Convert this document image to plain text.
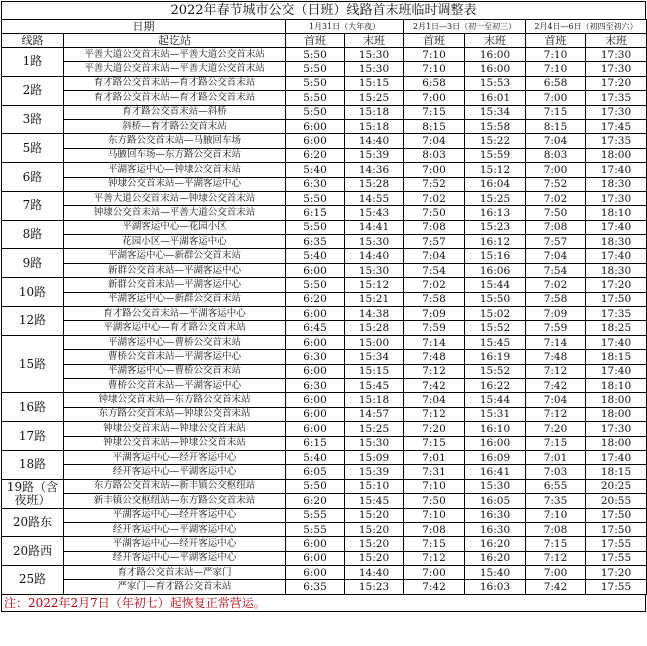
2022年春节城市公交（日班）线路首末班临时调整表
日期		1月31日（大年夜）		2月1日—3日（初一至初三）		2月4日—6日（初四至初六）	
线路	起讫站	首班	末班	首班	末班	首班	末班
1路	平善大道公交首末站—平善大道公交首末站	5:50	15:30	7:10	16:00	7:10	17:30
	平善大道公交首末站—平善大道公交首末站	5:50	15:30	7:10	16:00	7:10	17:30
2路	育才路公交首末站—育才路公交首末站	5:50	15:15	6:58	15:53	6:58	17:20
	育才路公交首末站—育才路公交首末站	5:50	15:25	7:00	16:01	7:00	17:35
3路	育才路公交首末站—斜桥	5:50	15:18	7:15	15:34	7:15	17:30
	斜桥—育才路公交首末站	6:00	15:18	8:15	15:58	8:15	17:45
5路	东方路公交首末站—马腋回车场	6:00	14:40	7:04	15:22	7:04	17:35
	马腋回车场—东方路公交首末站	6:20	15:39	8:03	15:59	8:03	18:00
6路	平湖客运中心—钟埭公交首末站	5:40	14:36	7:00	15:12	7:00	17:40
	钟埭公交首末站—平湖客运中心	6:30	15:28	7:52	16:04	7:52	18:30
7路	平善大道公交首末站—钟埭公交首末站	5:50	14:55	7:02	15:25	7:02	17:30
	钟埭公交首末站—平善大道公交首末站	6:15	15:43	7:50	16:13	7:50	18:10
8路	平湖客运中心—花园小区	5:50	14:41	7:08	15:23	7:08	17:40
	花园小区—平湖客运中心	6:35	15:30	7:57	16:12	7:57	18:30
9路	平湖客运中心—新群公交首末站	5:40	14:40	7:04	15:16	7:04	17:40
	新群公交首末站—平湖客运中心	6:00	15:30	7:54	16:06	7:54	18:30
10路	新群公交首末站—平湖客运中心	5:50	15:12	7:02	15:44	7:02	17:20
	平湖客运中心—新群公交首末站	6:20	15:21	7:58	15:50	7:58	17:50
12路	育才路公交首末站—平湖客运中心	6:00	14:38	7:09	15:02	7:09	17:35
	平湖客运中心—育才路公交首末站	6:45	15:28	7:59	15:52	7:59	18:25
15路	平湖客运中心—曹桥公交首末站	6:00	15:00	7:14	15:45	7:14	17:40
	曹桥公交首末站—平湖客运中心	6:30	15:34	7:48	16:19	7:48	18:15
	平湖客运中心—曹桥公交首末站	6:00	15:15	7:12	15:52	7:12	17:40
	曹桥公交首末站—平湖客运中心	6:30	15:45	7:42	16:22	7:42	18:10
16路	钟埭公交首末站—东方路公交首末站	6:00	15:18	7:04	15:44	7:04	18:00
	东方路公交首末站—钟埭公交首末站	6:00	14:57	7:12	15:31	7:12	18:00
17路	钟埭公交首末站—钟埭公交首末站	6:00	15:25	7:20	16:10	7:20	17:30
	钟埭公交首末站—钟埭公交首末站	6:15	15:30	7:15	16:00	7:15	18:00
18路	平湖客运中心—经开客运中心	5:40	15:09	7:01	16:09	7:01	17:40
	经开客运中心—平湖客运中心	6:05	15:39	7:31	16:41	7:03	18:15
19路（含夜班）	东方路公交首末站—新丰镇公交枢纽站	5:50	15:10	7:10	15:30	6:55	20:25
	新丰镇公交枢纽站—东方路公交首末站	6:20	15:45	7:50	16:05	7:35	20:55
20路东	平湖客运中心—经开客运中心	5:55	15:20	7:10	16:30	7:10	17:50
	经开客运中心—平湖客运中心	5:55	15:20	7:08	16:30	7:08	17:50
20路西	平湖客运中心—经开客运中心	6:00	15:20	7:15	16:20	7:15	17:55
	经开客运中心—平湖客运中心	6:00	15:20	7:12	16:20	7:12	17:55
25路	育才路公交首末站—严家门	6:00	14:40	7:00	15:40	7:00	17:20
	严家门—育才路公交首末站	6:35	15:23	7:42	16:03	7:42	17:55
注：2022年2月7日（年初七）起恢复正常营运。
